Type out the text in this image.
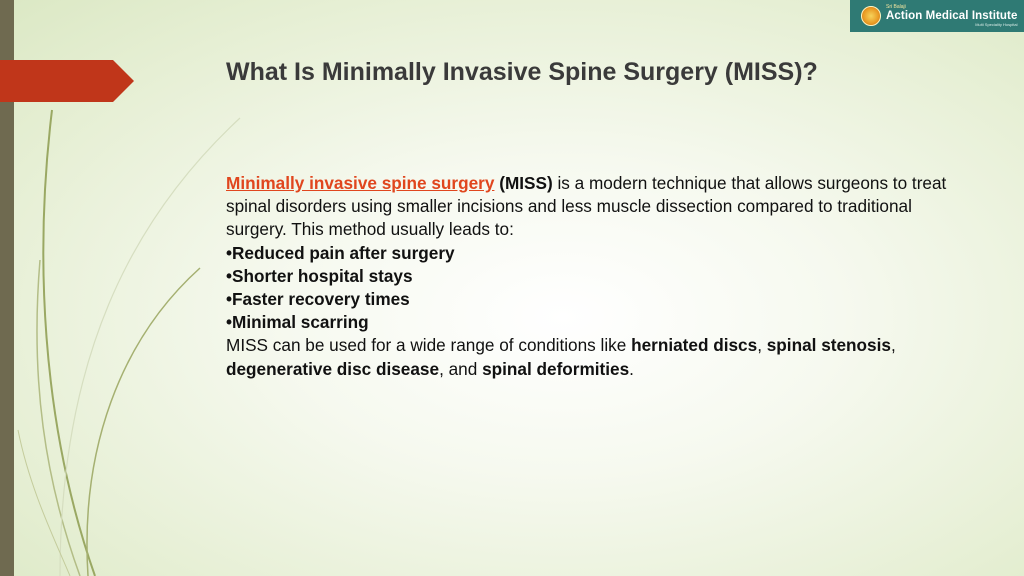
Sri Balaji
Action Medical Institute
Multi Speciality Hospital
What Is Minimally Invasive Spine Surgery (MISS)?

Minimally invasive spine surgery (MISS) is a modern technique that allows surgeons to treat spinal disorders using smaller incisions and less muscle dissection compared to traditional surgery. This method usually leads to:

•Reduced pain after surgery

•Shorter hospital stays

•Faster recovery times

•Minimal scarring

MISS can be used for a wide range of conditions like herniated discs, spinal stenosis, degenerative disc disease, and spinal deformities.
